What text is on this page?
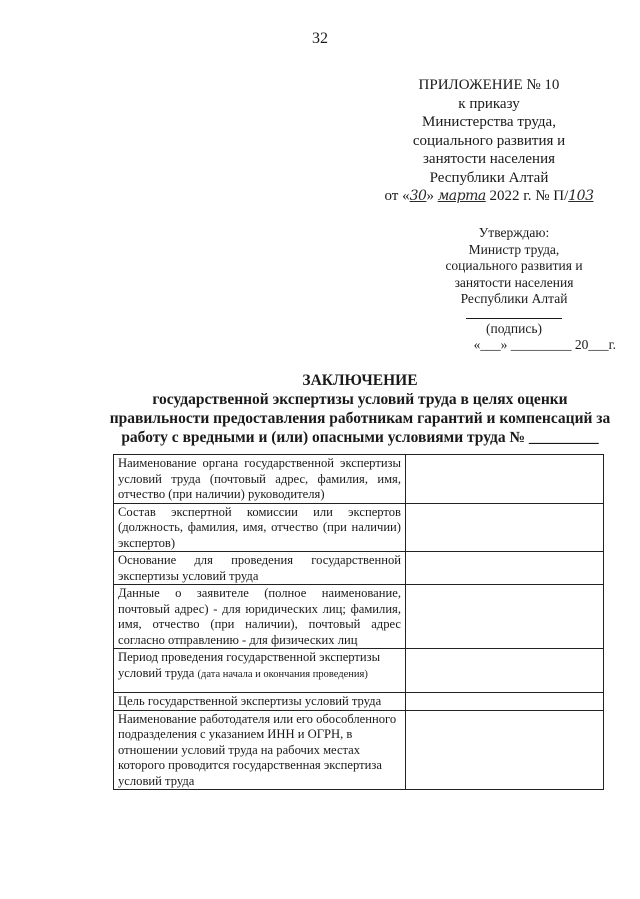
32
ПРИЛОЖЕНИЕ № 10
к приказу
Министерства труда,
социального развития и
занятости населения
Республики Алтай
от «30» марта 2022 г. № П/103
Утверждаю:
Министр труда,
социального развития и
занятости населения
Республики Алтай
(подпись)
«___» _________ 20___г.
ЗАКЛЮЧЕНИЕ
государственной экспертизы условий труда в целях оценки
правильности предоставления работникам гарантий и компенсаций за
работу с вредными и (или) опасными условиями труда № _________
Наименование органа государственной экспертизы условий труда (почтовый адрес, фамилия, имя, отчество (при наличии) руководителя)	
Состав экспертной комиссии или экспертов (должность, фамилия, имя, отчество (при наличии) экспертов)	
Основание для проведения государственной экспертизы условий труда	
Данные о заявителе (полное наименование, почтовый адрес) - для юридических лиц; фамилия, имя, отчество (при наличии), почтовый адрес согласно отправлению - для физических лиц	
Период проведения государственной экспертизы условий труда (дата начала и окончания проведения)	
Цель государственной экспертизы условий труда	
Наименование работодателя или его обособленного подразделения с указанием ИНН и ОГРН, в отношении условий труда на рабочих местах которого проводится государственная экспертиза условий труда	
